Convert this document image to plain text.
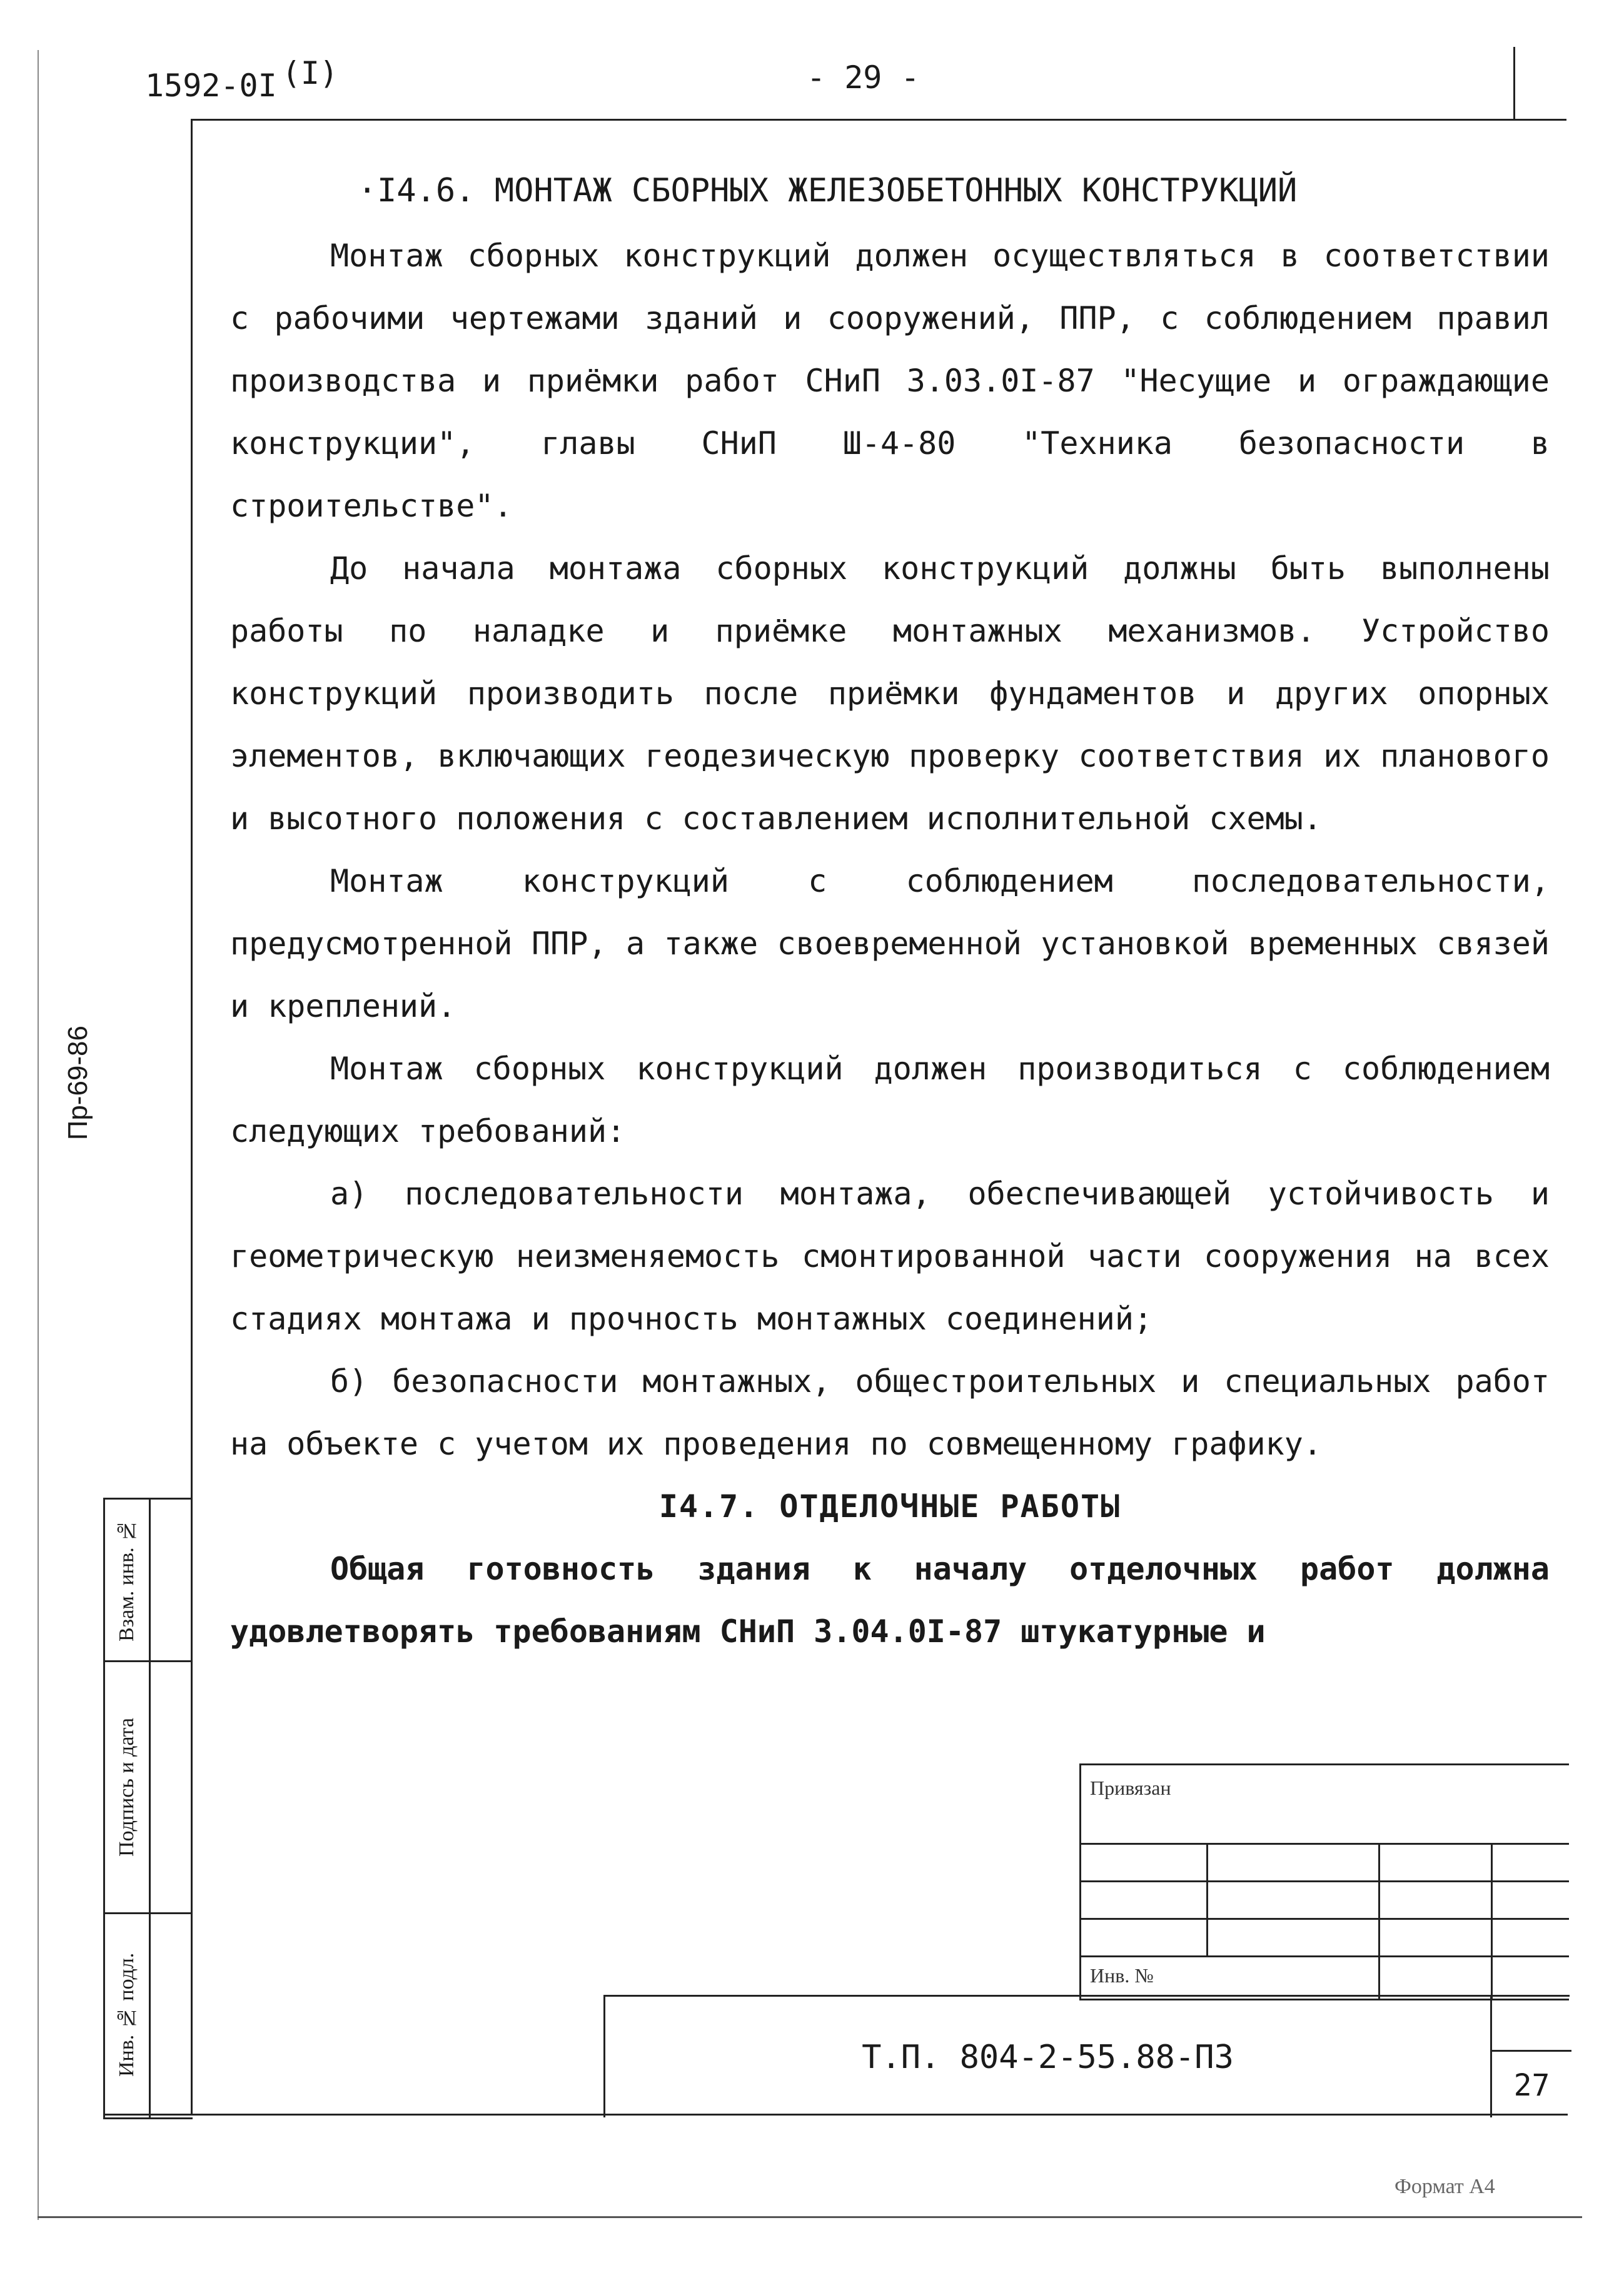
1592-0I (I)	- 29 -
Пр-69-86
·I4.6. МОНТАЖ СБОРНЫХ ЖЕЛЕЗОБЕТОННЫХ КОНСТРУКЦИЙ

Монтаж сборных конструкций должен осуществляться в соответствии с рабочими чертежами зданий и сооружений, ППР, с соблюдением правил производства и приёмки работ СНиП 3.03.0I-87 "Несущие и ограждающие конструкции", главы СНиП Ш-4-80 "Техника безопасности в строительстве".

До начала монтажа сборных конструкций должны быть выполнены работы по наладке и приёмке монтажных механизмов. Устройство конструкций производить после приёмки фундаментов и других опорных элементов, включающих геодезическую проверку соответствия их планового и высотного положения с составлением исполнительной схемы.

Монтаж конструкций с соблюдением последовательности, предусмотренной ППР, а также своевременной установкой временных связей и креплений.

Монтаж сборных конструкций должен производиться с соблюдением следующих требований:

а) последовательности монтажа, обеспечивающей устойчивость и геометрическую неизменяемость смонтированной части сооружения на всех стадиях монтажа и прочность монтажных соединений;

б) безопасности монтажных, общестроительных и специальных работ на объекте с учетом их проведения по совмещенному графику.

I4.7. ОТДЕЛОЧНЫЕ РАБОТЫ

Общая готовность здания к началу отделочных работ должна удовлетворять требованиям СНиП 3.04.0I-87 штукатурные и

Взам. инв. №
Подпись и дата
Инв. № подл.
Привязан
Инв. №
Т.П. 804-2-55.88-ПЗ
27
Формат А4
